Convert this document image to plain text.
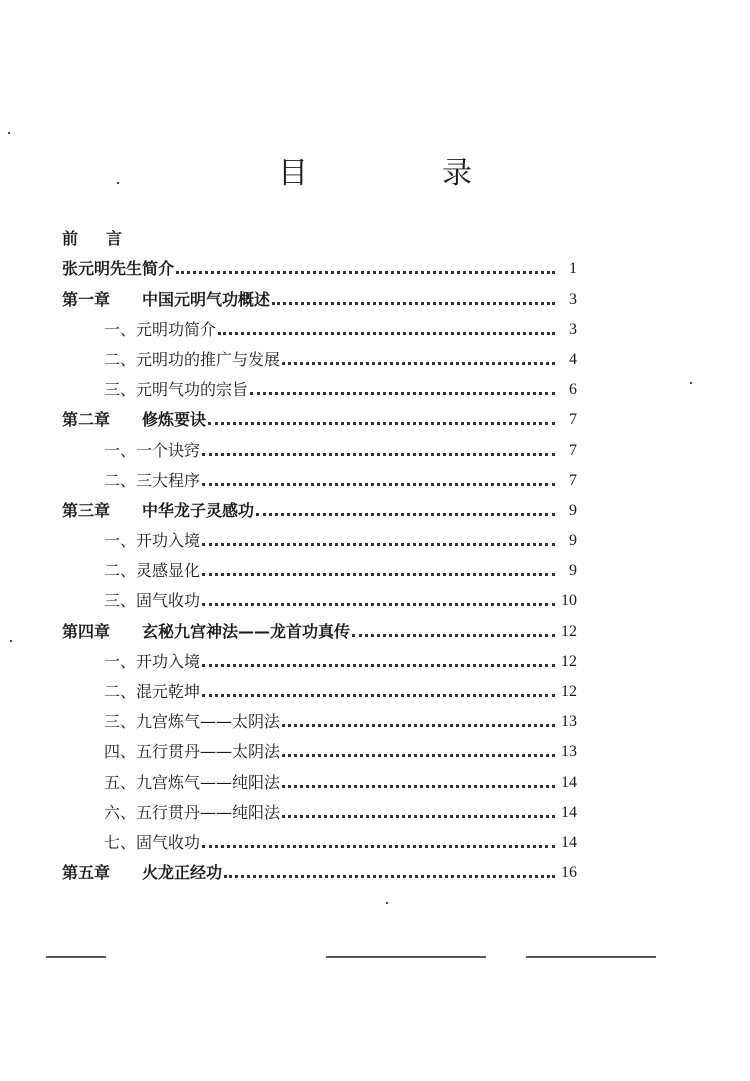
目　录
前言
张元明先生简介	1
第一章	中国元明气功概述	3
一、元明功简介	3
二、元明功的推广与发展	4
三、元明气功的宗旨	6
第二章	修炼要诀	7
一、一个诀窍	7
二、三大程序	7
第三章	中华龙子灵感功	9
一、开功入境	9
二、灵感显化	9
三、固气收功	10
第四章	玄秘九宫神法——龙首功真传	12
一、开功入境	12
二、混元乾坤	12
三、九宫炼气——太阴法	13
四、五行贯丹——太阴法	13
五、九宫炼气——纯阳法	14
六、五行贯丹——纯阳法	14
七、固气收功	14
第五章	火龙正经功	16
